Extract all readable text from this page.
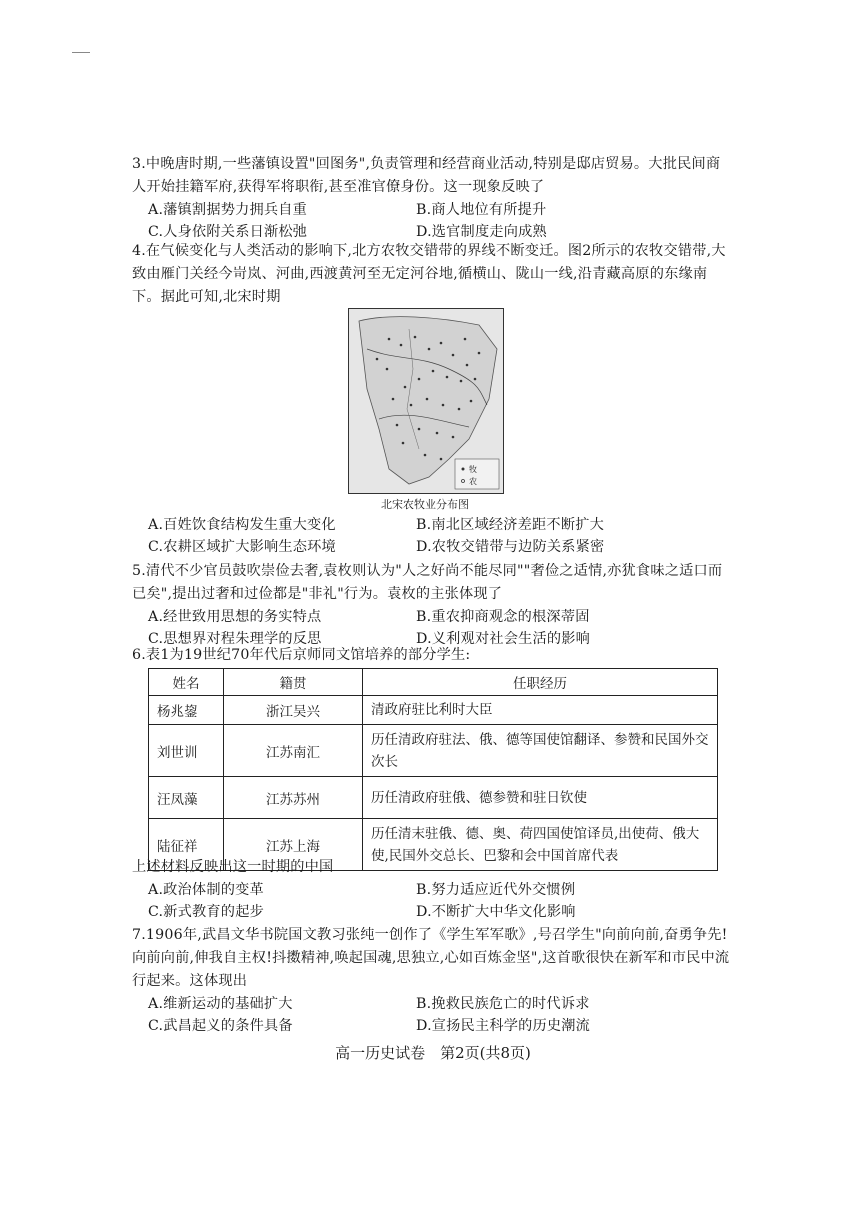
3.中晚唐时期,一些藩镇设置"回图务",负责管理和经营商业活动,特别是邸店贸易。大批民间商人开始挂籍军府,获得军将职衔,甚至准官僚身份。这一现象反映了
A.藩镇割据势力拥兵自重	B.商人地位有所提升
C.人身依附关系日渐松弛	D.选官制度走向成熟
4.在气候变化与人类活动的影响下,北方农牧交错带的界线不断变迁。图2所示的农牧交错带,大致由雁门关经今岢岚、河曲,西渡黄河至无定河谷地,循横山、陇山一线,沿青藏高原的东缘南下。据此可知,北宋时期
牧
农
北宋农牧业分布图
A.百姓饮食结构发生重大变化	B.南北区域经济差距不断扩大
C.农耕区域扩大影响生态环境	D.农牧交错带与边防关系紧密
5.清代不少官员鼓吹崇俭去奢,袁枚则认为"人之好尚不能尽同""奢俭之适情,亦犹食味之适口而已矣",提出过奢和过俭都是"非礼"行为。袁枚的主张体现了
A.经世致用思想的务实特点	B.重农抑商观念的根深蒂固
C.思想界对程朱理学的反思	D.义利观对社会生活的影响
6.表1为19世纪70年代后京师同文馆培养的部分学生:
姓名	籍贯	任职经历
杨兆鋆	浙江吴兴	清政府驻比利时大臣
刘世训	江苏南汇	历任清政府驻法、俄、德等国使馆翻译、参赞和民国外交次长
汪凤藻	江苏苏州	历任清政府驻俄、德参赞和驻日钦使
陆征祥	江苏上海	历任清末驻俄、德、奥、荷四国使馆译员,出使荷、俄大使,民国外交总长、巴黎和会中国首席代表
上述材料反映出这一时期的中国
A.政治体制的变革	B.努力适应近代外交惯例
C.新式教育的起步	D.不断扩大中华文化影响
7.1906年,武昌文华书院国文教习张纯一创作了《学生军军歌》,号召学生"向前向前,奋勇争先!向前向前,伸我自主权!抖擞精神,唤起国魂,思独立,心如百炼金坚",这首歌很快在新军和市民中流行起来。这体现出
A.维新运动的基础扩大	B.挽救民族危亡的时代诉求
C.武昌起义的条件具备	D.宣扬民主科学的历史潮流
高一历史试卷　第2页(共8页)
